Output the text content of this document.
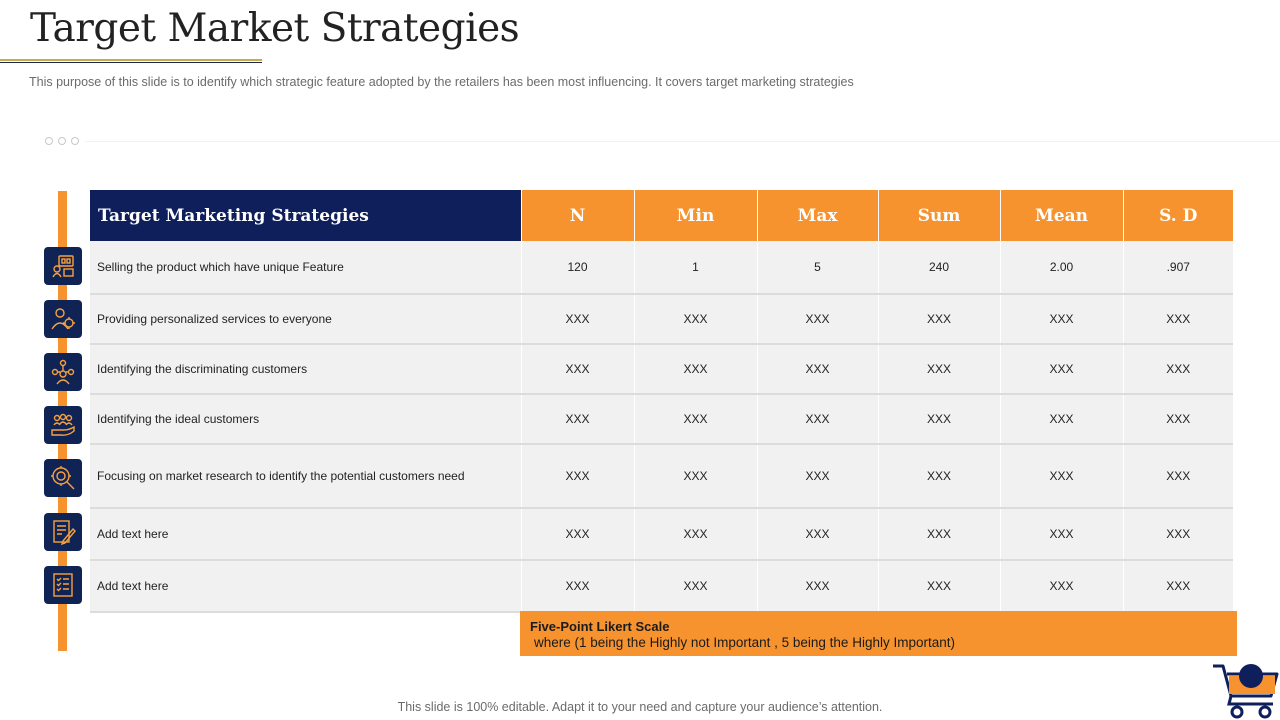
Target Market Strategies

This purpose of this slide is to identify which strategic feature adopted by the retailers has been most influencing. It covers target marketing strategies

Target Marketing Strategies	N	Min	Max	Sum	Mean	S. D
Selling the product which have unique Feature	120	1	5	240	2.00	.907
Providing personalized services to everyone	XXX	XXX	XXX	XXX	XXX	XXX
Identifying the discriminating customers	XXX	XXX	XXX	XXX	XXX	XXX
Identifying the ideal customers	XXX	XXX	XXX	XXX	XXX	XXX
Focusing on market research to identify the potential customers need	XXX	XXX	XXX	XXX	XXX	XXX
Add text here	XXX	XXX	XXX	XXX	XXX	XXX
Add text here	XXX	XXX	XXX	XXX	XXX	XXX
Five-Point Likert Scale
where (1 being the Highly not Important , 5 being the Highly Important)

This slide is 100% editable. Adapt it to your need and capture your audience’s attention.
